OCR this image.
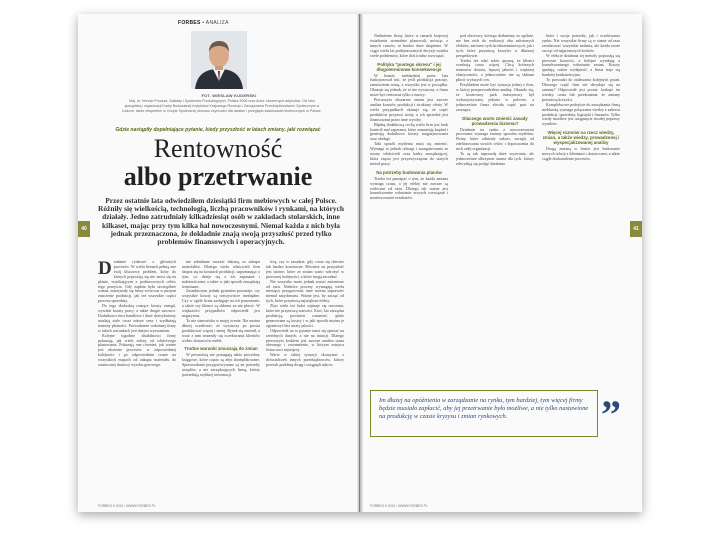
FORBES • ANALIZA
FOT. WIESLAW KUDERSKI
Maj. dr. Henryk Procsza, Zakłady i Systemów Produkcyjnych, Polska 2005 oraz Autor obszernych artykułów. Od roku specjalistą i organizacji Kadry Budowlanej Instytutów Krajowego Rozwoju i Zarządzania Przedsiębiorstwem Społecznym w Łódzce, także ekspertem w Grupie Społecznej obszaru czynności dla działań i przeglądu zastosowań technicznych w Polsce.
Gdzie nastąpiły dopełniające pytanie, kiedy przyszłość w latach zmiany. jaki rozwiązać
Rentowność
albo przetrwanie
Przez ostatnie lata odwiedziłem dziesiątki firm mebiowych w całej Polsce. Różniły się wielkością, technologią, liczbą pracowników i rynkami, na których działały. Jedno zatrudniały kilkadziesiąt osób w zakładach stolarskich, inne kilkaset, mając przy tym kilka hal nowoczesnymi. Niemal każda z nich była jednak przeznaczona, że dokładnie znają swoją przyszłość przed tylko problemów finansowych i operacyjnych.
Działanie rynkowe z głównych procesów. W wielu firmach pełnią one swój kluczowy problem, który do których pojawiają się nie znosi się na planie, wynikającym z podstawowych celów tego przejścia. Gdy zapłata była szczególnie ważna, zatrzymały się firmy wówczas w pustym znaczenie produkcji, jak też wszystkie części procesu sprzedaży.
Do tego dochodzą rosnące koszty energii, wysokie koszty pracy, a także drogie surowce. Dodatkowo sieci handlowe i duże dystrybutorzy ustalają stale coraz niższe ceny i wydłużają terminy płatności. Prowadzenie rodzinnej firmy w takich warunkach jest dużym wyzwaniem.
Kolejne tygodnie działalności firmy pokazują, jak wiele zależy od właściwego planowania. Pokazują one również, jak ważne jest ułożenie procesów w odpowiedniej kolejności i po odpowiednim czasie na wszystkich etapach od zakupu materiału do ostatecznej dostawy wyrobu gotowego.
nie zdradzane uważać fakturą, m zakupu materiałów. Dlatego wielu właścicieli firm skupia się na kosztach produkcji, zapominając o tym, co dzieje się z ich zapasami i należnościami, a także w jaki sposób zarządzają terminami.
Zasadniczym jednak pytaniem pozostaje, czy wszystkie koszty są rzeczywiście niezbędne. Czy w ogóle firma zasługuje na ich ponoszenie, a także czy klienci są skłonni za nie płacić. W większości przypadków odpowiedź jest negatywna.
To nie stanowisko w mojej ocenie. Nie można dłużej oczekiwać, że wystarczy po prostu produkować więcej i taniej. Rynek się zmienił, a wraz z nim zmieniły się oczekiwania klientów wobec dostawców mebli.
Trudne warunki zmuszają do zmian
W pewnością nie pomagają także procedury księgowe, które często są zbyt skomplikowane. Sprawozdania przygotowywane są na potrzeby urzędów, a nie zarządzających firmą, którzy potrzebują szybkiej informacji.
ścią, czy w zasadzie, gdy coraz się obecnie tak bardzo kosztowne. Również na przyszłość jest istotne, które ze zmian warto wdrożyć w pierwszej kolejności, a które mogą zaczekać.
Nie wszystko może jednak zostać zmienione od razu. Niektóre procesy wymagają wielu miesięcy przygotowań, inne można usprawnić niemal natychmiast. Ważne jest, by zacząć od tych, które przyniosą największe efekty.
Zbyt wiele też ludzi zajmuje się rzeczami, które nie przynoszą wartości. Ktoś, kto zarządza produkcją, powinien rozumieć, gdzie generowane są koszty i w jaki sposób można je ograniczyć bez utraty jakości.
Odpowiedź na to pytanie musi się opierać na rzetelnych danych, a nie na intuicji. Dlatego pierwszym krokiem jest zawsze analiza stanu obecnego i zrozumienie, w którym miejscu firma traci najwięcej.
Warto w takiej sytuacji skorzystać z doświadczeń innych przedsiębiorców, którzy przeszli podobną drogę i osiągnęli sukces.
40
FORBES 5 2012 • WWW.FORBES.PL
Nadmierne firmy, które w ramach krajowej świadomie normalnie planowali, mówiąc z innych czasów, to bardzo duże skupienie. W ciągu wielu lat podejmowanych decyzji wynika wiele problemów, które dziś trudno rozwiązać.
Polityka "pustego okresu" i jej długoterminowe konsekwencje
W branży meblarskiej przez lata funkcjonował mit, że jeśli produkcja pracuje, zamówienia rosną, a wszystko jest w porządku. Okazuje się jednak, że to nie wystarcza, a firma może być rentowna tylko z nazwy.
Pierwszym obszarem zmian jest zawsze analiza kosztów produkcji i struktury oferty. W wielu przypadkach okazuje się, że część produktów przynosi straty, a ich sprzedaż jest finansowana przez inne wyroby.
Błędną dodatkową cechą wielu firm jest brak kontroli nad zapasami, które zamrażają kapitał i generują dodatkowe koszty magazynowania oraz obsługi.
Taki sposób myślenia musi się zmienić. Wymaga to jednak odwagi i zaangażowania ze strony właścicieli oraz kadry zarządzającej, która często jest przyzwyczajona do starych metod pracy.
Na potrzeby budowania planów
Trzeba też pamiętać o tym, że każda zmiana wymaga czasu, a jej efekty nie zawsze są widoczne od razu. Dlatego tak ważne jest konsekwentne wdrażanie nowych rozwiązań i monitorowanie rezultatów.
pod obrotowy, którego dotkniemy za ogólnie, nie bez nich do realizacji obu założonych efektów, zarówno tych krótkoterminowych, jak i tych, które przyniosą korzyści w dłuższej perspektywie.
Trzeba też zdać sobie sprawę, że klienci oczekują coraz więcej. Chcą krótszych terminów dostaw, lepszej jakości i większej elastyczności, a jednocześnie nie są skłonni płacić wyższych cen.
Przykładem może być sytuacja jednej z firm, w której przeprowadziłem analizę. Okazało się, że kosztowny park maszynowy był wykorzystywany jedynie w połowie, a jednocześnie firma zlecała część prac na zewnątrz.
Dlaczego warto zmienić zasady prowadzenia biznesu?
Działanie na rynku z nowoczesnymi procesami wymaga zmiany sposobu myślenia. Firmy, które odniosły sukces, zaczęły od zdefiniowania swoich celów i dopasowania do nich całej organizacji.
To są tak naprawdę duże wyzwania, ale jednocześnie olbrzymie szanse dla tych, którzy zdecydują się podjąć działania.
które i swoje potrzeby, jak i oczekiwania rynku. Nie wszystkie firmy są w stanie od razu zrealizować wszystkie zadania, ale każda może zacząć od najprostszych kroków.
W efekcie działania tej metody pojawiają się pierwsze korzyści, a kolejne wynikają z konsekwentnego wdrażania zmian. Koszty spadają, rośnie wydajność, a firma staje się bardziej konkurencyjna.
To prowadzi do zadawania kolejnych pytań. Dlaczego część firm nie decyduje się na zmiany? Odpowiedź jest prosta: brakuje im wiedzy, czasu lub przekonania, że zmiany przyniosą korzyści.
Kompleksowe podejście do zarządzania firmą meblarską wymaga połączenia wiedzy z zakresu produkcji, sprzedaży, logistyki i finansów. Tylko wtedy możliwe jest osiągnięcie trwałej poprawy wyników.
Więcej rozmów na rzecz wiedzy, zmian, a także wiedzy, prowadzonej i wyspecjalizowanej analizy
Drogą zmianą w firmie jest budowanie nowych relacji z klientami i dostawcami, a także ciągłe doskonalenie procesów.
Im dłużej na opóźnienia w zarządzanie na rynku, tym bardziej, tym więcej firmy będzie musiało zapłacić, aby jej przetrwanie było możliwe, a nie tylko nastawione na produkcję w czasie kryzysu i zmian rynkowych.	”
41
FORBES 5 2012 • WWW.FORBES.PL
